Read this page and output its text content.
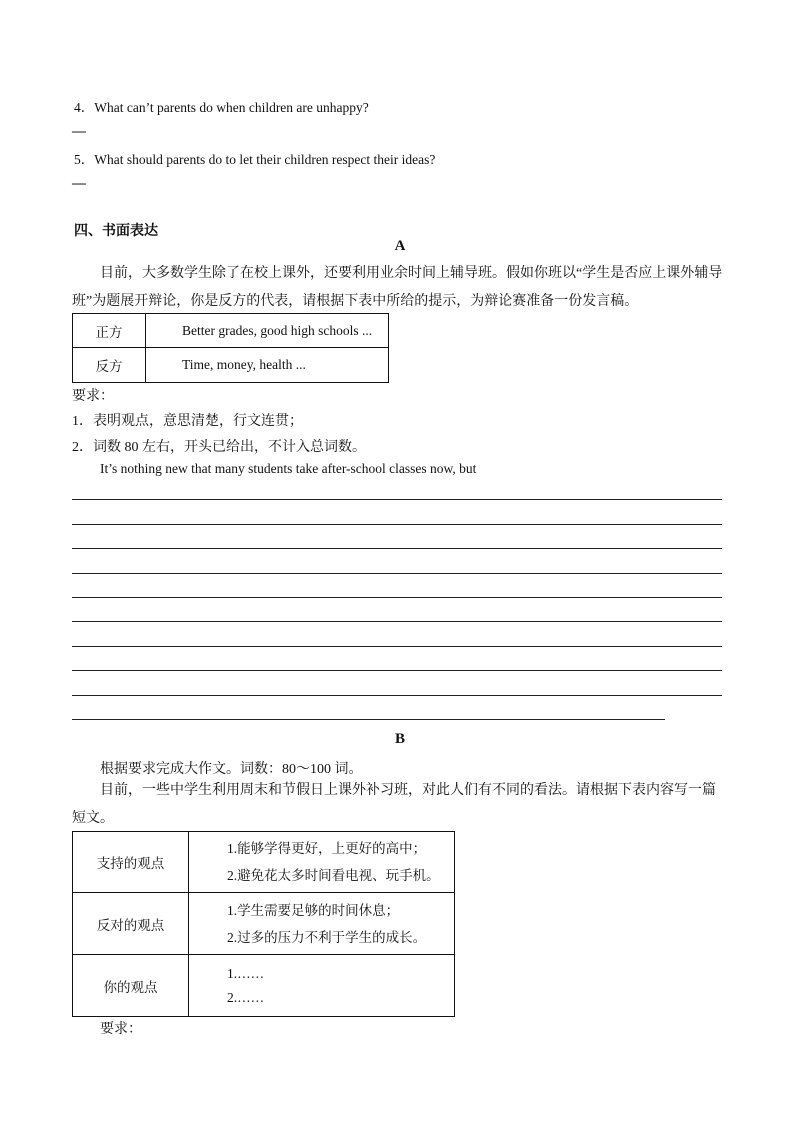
4．What can’t parents do when children are unhappy?
—
5．What should parents do to let their children respect their ideas?
—
四、书面表达
A
目前，大多数学生除了在校上课外，还要利用业余时间上辅导班。假如你班以“学生是否应上课外辅导班”为题展开辩论，你是反方的代表，请根据下表中所给的提示，为辩论赛准备一份发言稿。
正方	Better grades, good high schools ...
反方	Time, money, health ...
要求：
1．表明观点，意思清楚，行文连贯；
2．词数 80 左右，开头已给出，不计入总词数。
It’s nothing new that many students take after-school classes now, but
B
根据要求完成大作文。词数：80～100 词。
目前，一些中学生利用周末和节假日上课外补习班，对此人们有不同的看法。请根据下表内容写一篇短文。
支持的观点	1.能够学得更好，上更好的高中；
2.避免花太多时间看电视、玩手机。

反对的观点	1.学生需要足够的时间休息；
2.过多的压力不利于学生的成长。

你的观点	1.……
2.……
要求：
